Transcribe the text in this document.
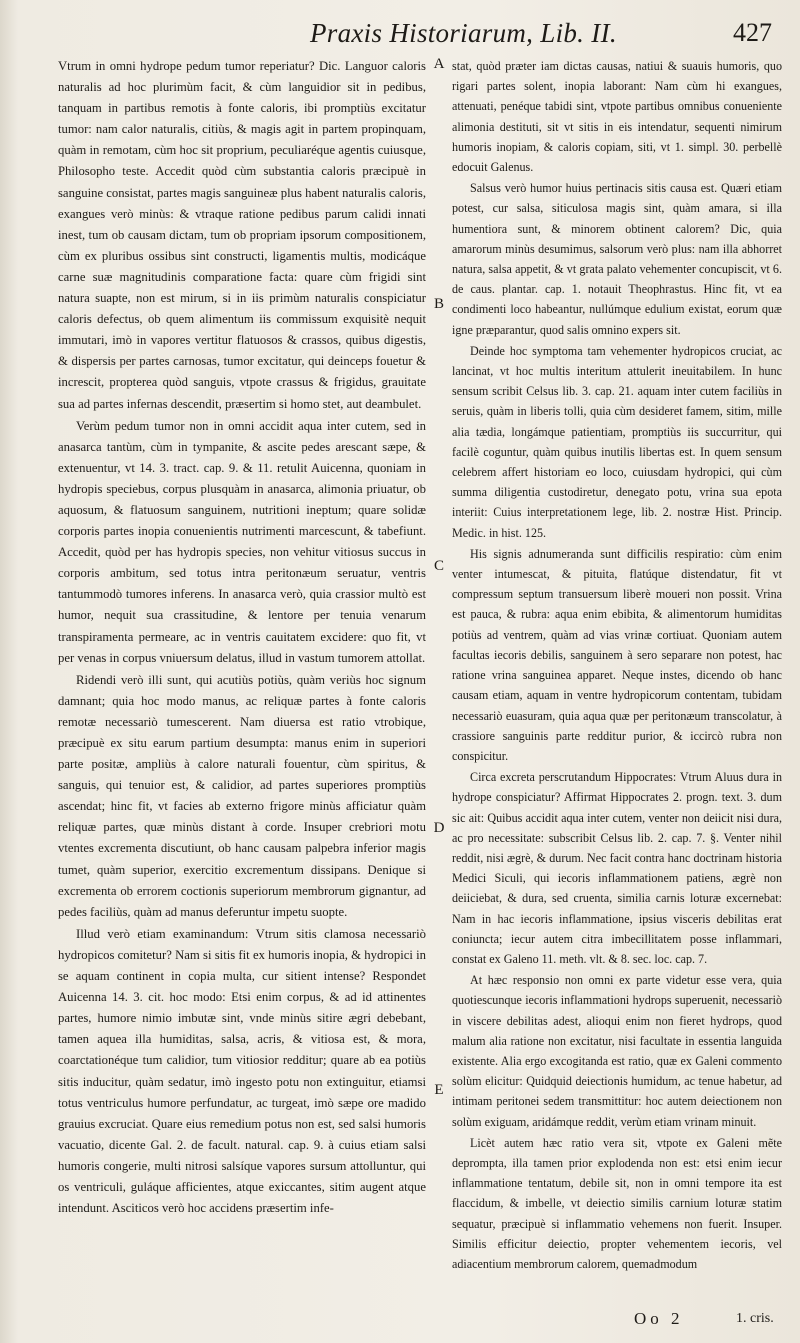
Praxis Historiarum, Lib. II.	427

Vtrum in omni hydrope pedum tumor reperiatur? Dic. Languor caloris naturalis ad hoc plurimùm facit, & cùm languidior sit in pedibus, tanquam in partibus remotis à fonte caloris, ibi promptiùs excitatur tumor: nam calor naturalis, citiùs, & magis agit in partem propinquam, quàm in remotam, cùm hoc sit proprium, peculiaréque agentis cuiusque, Philosopho teste. Accedit quòd cùm substantia caloris præcipuè in sanguine consistat, partes magis sanguineæ plus habent naturalis caloris, exangues verò minùs: & vtraque ratione pedibus parum calidi innati inest, tum ob causam dictam, tum ob propriam ipsorum compositionem, cùm ex pluribus ossibus sint constructi, ligamentis multis, modicáque carne suæ magnitudinis comparatione facta: quare cùm frigidi sint natura suapte, non est mirum, si in iis primùm naturalis conspiciatur caloris defectus, ob quem alimentum iis commissum exquisitè nequit immutari, imò in vapores vertitur flatuosos & crassos, quibus digestis, & dispersis per partes carnosas, tumor excitatur, qui deinceps fouetur & increscit, propterea quòd sanguis, vtpote crassus & frigidus, grauitate sua ad partes infernas descendit, præsertim si homo stet, aut deambulet.

Verùm pedum tumor non in omni accidit aqua inter cutem, sed in anasarca tantùm, cùm in tympanite, & ascite pedes arescant sæpe, & extenuentur, vt 14. 3. tract. cap. 9. & 11. retulit Auicenna, quoniam in hydropis speciebus, corpus plusquàm in anasarca, alimonia priuatur, ob aquosum, & flatuosum sanguinem, nutritioni ineptum; quare solidæ corporis partes inopia conuenientis nutrimenti marcescunt, & tabefiunt. Accedit, quòd per has hydropis species, non vehitur vitiosus succus in corporis ambitum, sed totus intra peritonæum seruatur, ventris tantummodò tumores inferens. In anasarca verò, quia crassior multò est humor, nequit sua crassitudine, & lentore per tenuia venarum transpiramenta permeare, ac in ventris cauitatem excidere: quo fit, vt per venas in corpus vniuersum delatus, illud in vastum tumorem attollat.

Ridendi verò illi sunt, qui acutiùs potiùs, quàm veriùs hoc signum damnant; quia hoc modo manus, ac reliquæ partes à fonte caloris remotæ necessariò tumescerent. Nam diuersa est ratio vtrobique, præcipuè ex situ earum partium desumpta: manus enim in superiori parte positæ, ampliùs à calore naturali fouentur, cùm spiritus, & sanguis, qui tenuior est, & calidior, ad partes superiores promptiùs ascendat; hinc fit, vt facies ab externo frigore minùs afficiatur quàm reliquæ partes, quæ minùs distant à corde. Insuper crebriori motu vtentes excrementa discutiunt, ob hanc causam palpebra inferior magis tumet, quàm superior, exercitio excrementum dissipans. Denique si excrementa ob errorem coctionis superiorum membrorum gignantur, ad pedes faciliùs, quàm ad manus deferuntur impetu suopte.

Illud verò etiam examinandum: Vtrum sitis clamosa necessariò hydropicos comitetur? Nam si sitis fit ex humoris inopia, & hydropici in se aquam continent in copia multa, cur sitient intense? Respondet Auicenna 14. 3. cit. hoc modo: Etsi enim corpus, & ad id attinentes partes, humore nimio imbutæ sint, vnde minùs sitire ægri debebant, tamen aquea illa humiditas, salsa, acris, & vitiosa est, & mora, coarctationéque tum calidior, tum vitiosior redditur; quare ab ea potiùs sitis inducitur, quàm sedatur, imò ingesto potu non extinguitur, etiamsi totus ventriculus humore perfundatur, ac turgeat, imò sæpe ore madido grauius excruciat. Quare eius remedium potus non est, sed salsi humoris vacuatio, dicente Gal. 2. de facult. natural. cap. 9. à cuius etiam salsi humoris congerie, multi nitrosi salsíque vapores sursum attolluntur, qui os ventriculi, guláque afficientes, atque exiccantes, sitim augent atque intendunt. Asciticos verò hoc accidens præsertim infe-

A
B
C
D
E

stat, quòd præter iam dictas causas, natiui & suauis humoris, quo rigari partes solent, inopia laborant: Nam cùm hi exangues, attenuati, penéque tabidi sint, vtpote partibus omnibus conueniente alimonia destituti, sit vt sitis in eis intendatur, sequenti nimirum humoris inopiam, & caloris copiam, siti, vt 1. simpl. 30. perbellè edocuit Galenus.

Salsus verò humor huius pertinacis sitis causa est. Quæri etiam potest, cur salsa, siticulosa magis sint, quàm amara, si illa humentiora sunt, & minorem obtinent calorem? Dic, quia amarorum minùs desumimus, salsorum verò plus: nam illa abhorret natura, salsa appetit, & vt grata palato vehementer concupiscit, vt 6. de caus. plantar. cap. 1. notauit Theophrastus. Hinc fit, vt ea condimenti loco habeantur, nullúmque edulium existat, eorum quæ igne præparantur, quod salis omnino expers sit.

Deinde hoc symptoma tam vehementer hydropicos cruciat, ac lancinat, vt hoc multis interitum attulerit ineuitabilem. In hunc sensum scribit Celsus lib. 3. cap. 21. aquam inter cutem faciliùs in seruis, quàm in liberis tolli, quia cùm desideret famem, sitim, mille alia tædia, longámque patientiam, promptiùs iis succurritur, qui facilè coguntur, quàm quibus inutilis libertas est. In quem sensum celebrem affert historiam eo loco, cuiusdam hydropici, qui cùm summa diligentia custodiretur, denegato potu, vrina sua epota interiit: Cuius interpretationem lege, lib. 2. nostræ Hist. Princip. Medic. in hist. 125.

His signis adnumeranda sunt difficilis respiratio: cùm enim venter intumescat, & pituita, flatúque distendatur, fit vt compressum septum transuersum liberè moueri non possit. Vrina est pauca, & rubra: aqua enim ebibita, & alimentorum humiditas potiùs ad ventrem, quàm ad vias vrinæ cortiuat. Quoniam autem facultas iecoris debilis, sanguinem à sero separare non potest, hac ratione vrina sanguinea apparet. Neque instes, dicendo ob hanc causam etiam, aquam in ventre hydropicorum contentam, tubidam necessariò euasuram, quia aqua quæ per peritonæum transcolatur, à crassiore sanguinis parte redditur purior, & iccircò rubra non conspicitur.

Circa excreta perscrutandum Hippocrates: Vtrum Aluus dura in hydrope conspiciatur? Affirmat Hippocrates 2. progn. text. 3. dum sic ait: Quibus accidit aqua inter cutem, venter non deiicit nisi dura, ac pro necessitate: subscribit Celsus lib. 2. cap. 7. §. Venter nihil reddit, nisi ægrè, & durum. Nec facit contra hanc doctrinam historia Medici Siculi, qui iecoris inflammationem patiens, ægrè non deiiciebat, & dura, sed cruenta, similia carnis loturæ excernebat: Nam in hac iecoris inflammatione, ipsius visceris debilitas erat coniuncta; iecur autem citra imbecillitatem posse inflammari, constat ex Galeno 11. meth. vlt. & 8. sec. loc. cap. 7.

At hæc responsio non omni ex parte videtur esse vera, quia quotiescunque iecoris inflammationi hydrops superuenit, necessariò in viscere debilitas adest, alioqui enim non fieret hydrops, quod malum alia ratione non excitatur, nisi facultate in essentia languida existente. Alia ergo excogitanda est ratio, quæ ex Galeni commento solùm elicitur: Quidquid deiectionis humidum, ac tenue habetur, ad intimam peritonei sedem transmittitur: hoc autem deiectionem non solùm exiguam, aridámque reddit, verùm etiam vrinam minuit.

Licèt autem hæc ratio vera sit, vtpote ex Galeni mẽte deprompta, illa tamen prior explodenda non est: etsi enim iecur inflammatione tentatum, debile sit, non in omni tempore ita est flaccidum, & imbelle, vt deiectio similis carnium loturæ statim sequatur, præcipuè si inflammatio vehemens non fuerit. Insuper. Similis efficitur deiectio, propter vehementem iecoris, vel adiacentium membrorum calorem, quemadmodum

Oo 2	1. cris.
